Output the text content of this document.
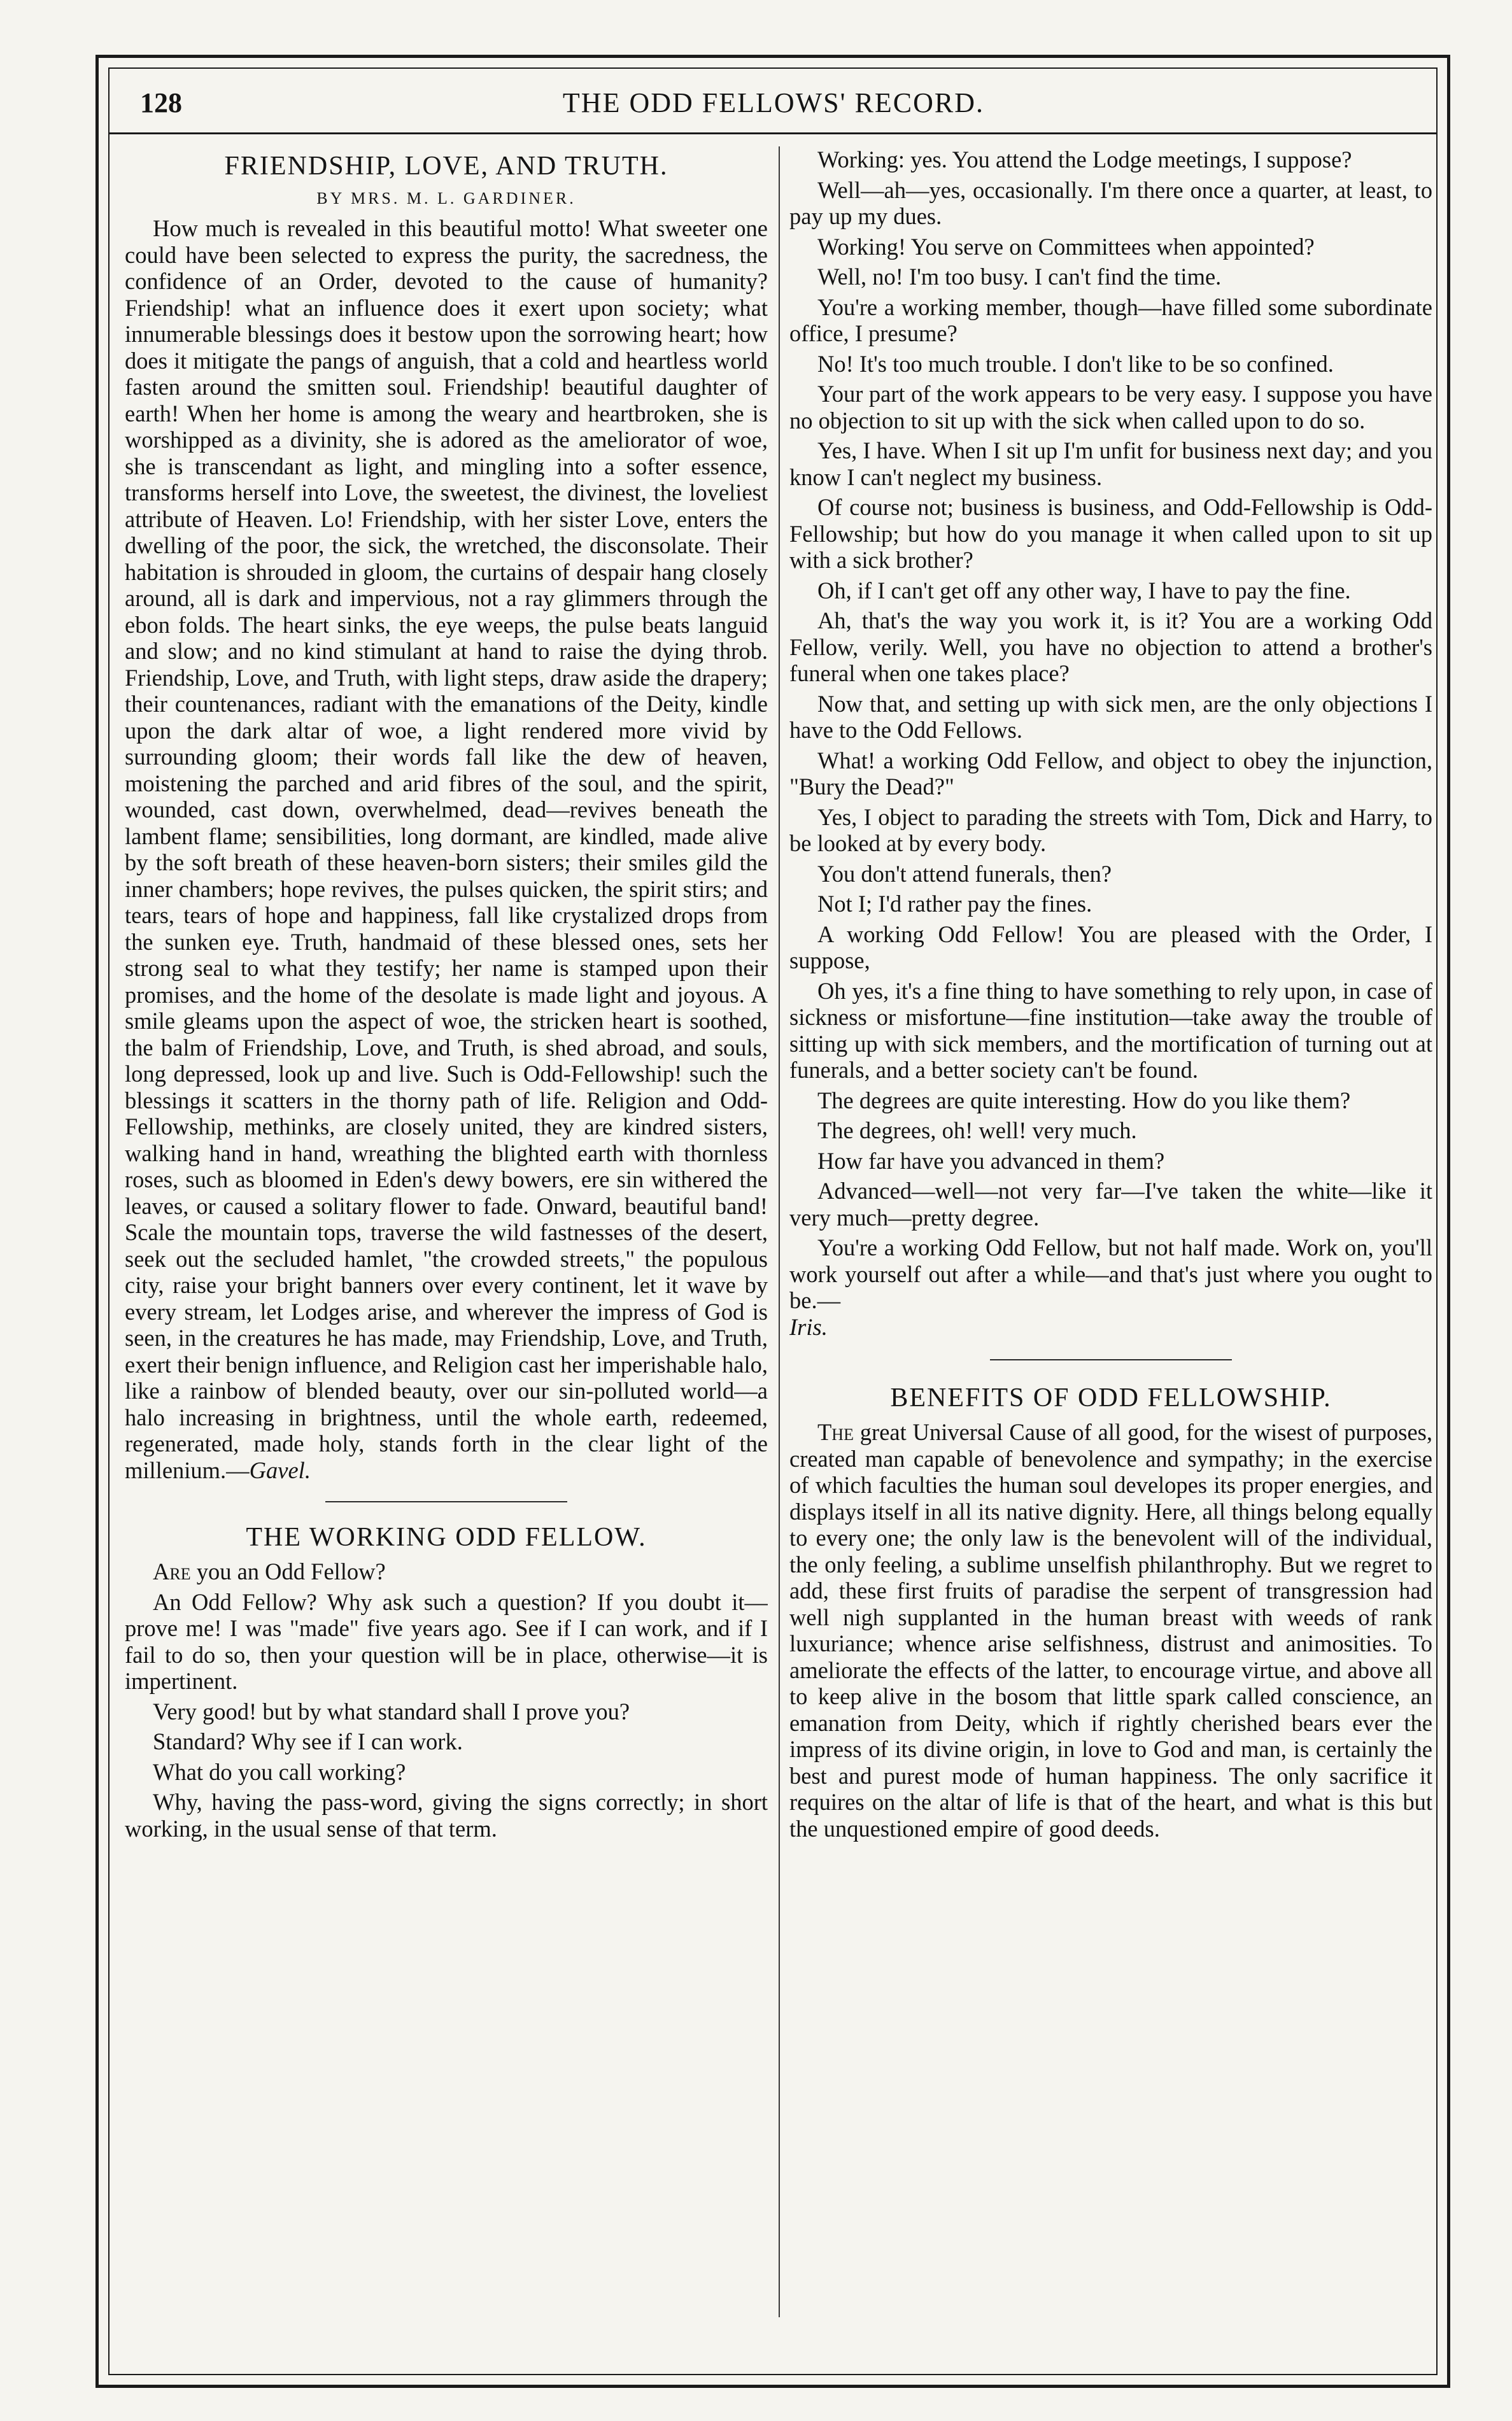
128	THE ODD FELLOWS' RECORD.
FRIENDSHIP, LOVE, AND TRUTH.
BY MRS. M. L. GARDINER.

How much is revealed in this beautiful motto! What sweeter one could have been selected to express the purity, the sacredness, the confidence of an Order, devoted to the cause of humanity? Friendship! what an influence does it exert upon society; what innumerable blessings does it bestow upon the sorrowing heart; how does it mitigate the pangs of anguish, that a cold and heartless world fasten around the smitten soul. Friendship! beautiful daughter of earth! When her home is among the weary and heartbroken, she is worshipped as a divinity, she is adored as the ameliorator of woe, she is transcendant as light, and mingling into a softer essence, transforms herself into Love, the sweetest, the divinest, the loveliest attribute of Heaven. Lo! Friendship, with her sister Love, enters the dwelling of the poor, the sick, the wretched, the disconsolate. Their habitation is shrouded in gloom, the curtains of despair hang closely around, all is dark and impervious, not a ray glimmers through the ebon folds. The heart sinks, the eye weeps, the pulse beats languid and slow; and no kind stimulant at hand to raise the dying throb. Friendship, Love, and Truth, with light steps, draw aside the drapery; their countenances, radiant with the emanations of the Deity, kindle upon the dark altar of woe, a light rendered more vivid by surrounding gloom; their words fall like the dew of heaven, moistening the parched and arid fibres of the soul, and the spirit, wounded, cast down, overwhelmed, dead—revives beneath the lambent flame; sensibilities, long dormant, are kindled, made alive by the soft breath of these heaven-born sisters; their smiles gild the inner chambers; hope revives, the pulses quicken, the spirit stirs; and tears, tears of hope and happiness, fall like crystalized drops from the sunken eye. Truth, handmaid of these blessed ones, sets her strong seal to what they testify; her name is stamped upon their promises, and the home of the desolate is made light and joyous. A smile gleams upon the aspect of woe, the stricken heart is soothed, the balm of Friendship, Love, and Truth, is shed abroad, and souls, long depressed, look up and live. Such is Odd-Fellowship! such the blessings it scatters in the thorny path of life. Religion and Odd-Fellowship, methinks, are closely united, they are kindred sisters, walking hand in hand, wreathing the blighted earth with thornless roses, such as bloomed in Eden's dewy bowers, ere sin withered the leaves, or caused a solitary flower to fade. Onward, beautiful band! Scale the mountain tops, traverse the wild fastnesses of the desert, seek out the secluded hamlet, "the crowded streets," the populous city, raise your bright banners over every continent, let it wave by every stream, let Lodges arise, and wherever the impress of God is seen, in the creatures he has made, may Friendship, Love, and Truth, exert their benign influence, and Religion cast her imperishable halo, like a rainbow of blended beauty, over our sin-polluted world—a halo increasing in brightness, until the whole earth, redeemed, regenerated, made holy, stands forth in the clear light of the millenium.—Gavel.

THE WORKING ODD FELLOW.

Are you an Odd Fellow?

An Odd Fellow? Why ask such a question? If you doubt it—prove me! I was "made" five years ago. See if I can work, and if I fail to do so, then your question will be in place, otherwise—it is impertinent.

Very good! but by what standard shall I prove you?

Standard? Why see if I can work.

What do you call working?

Why, having the pass-word, giving the signs correctly; in short working, in the usual sense of that term.

Working: yes. You attend the Lodge meetings, I suppose?

Well—ah—yes, occasionally. I'm there once a quarter, at least, to pay up my dues.

Working! You serve on Committees when appointed?

Well, no! I'm too busy. I can't find the time.

You're a working member, though—have filled some subordinate office, I presume?

No! It's too much trouble. I don't like to be so confined.

Your part of the work appears to be very easy. I suppose you have no objection to sit up with the sick when called upon to do so.

Yes, I have. When I sit up I'm unfit for business next day; and you know I can't neglect my business.

Of course not; business is business, and Odd-Fellowship is Odd-Fellowship; but how do you manage it when called upon to sit up with a sick brother?

Oh, if I can't get off any other way, I have to pay the fine.

Ah, that's the way you work it, is it? You are a working Odd Fellow, verily. Well, you have no objection to attend a brother's funeral when one takes place?

Now that, and setting up with sick men, are the only objections I have to the Odd Fellows.

What! a working Odd Fellow, and object to obey the injunction, "Bury the Dead?"

Yes, I object to parading the streets with Tom, Dick and Harry, to be looked at by every body.

You don't attend funerals, then?

Not I; I'd rather pay the fines.

A working Odd Fellow! You are pleased with the Order, I suppose,

Oh yes, it's a fine thing to have something to rely upon, in case of sickness or misfortune—fine institution—take away the trouble of sitting up with sick members, and the mortification of turning out at funerals, and a better society can't be found.

The degrees are quite interesting. How do you like them?

The degrees, oh! well! very much.

How far have you advanced in them?

Advanced—well—not very far—I've taken the white—like it very much—pretty degree.

You're a working Odd Fellow, but not half made. Work on, you'll work yourself out after a while—and that's just where you ought to be.—

Iris.

BENEFITS OF ODD FELLOWSHIP.

The great Universal Cause of all good, for the wisest of purposes, created man capable of benevolence and sympathy; in the exercise of which faculties the human soul developes its proper energies, and displays itself in all its native dignity. Here, all things belong equally to every one; the only law is the benevolent will of the individual, the only feeling, a sublime unselfish philanthrophy. But we regret to add, these first fruits of paradise the serpent of transgression had well nigh supplanted in the human breast with weeds of rank luxuriance; whence arise selfishness, distrust and animosities. To ameliorate the effects of the latter, to encourage virtue, and above all to keep alive in the bosom that little spark called conscience, an emanation from Deity, which if rightly cherished bears ever the impress of its divine origin, in love to God and man, is certainly the best and purest mode of human happiness. The only sacrifice it requires on the altar of life is that of the heart, and what is this but the unquestioned empire of good deeds.
